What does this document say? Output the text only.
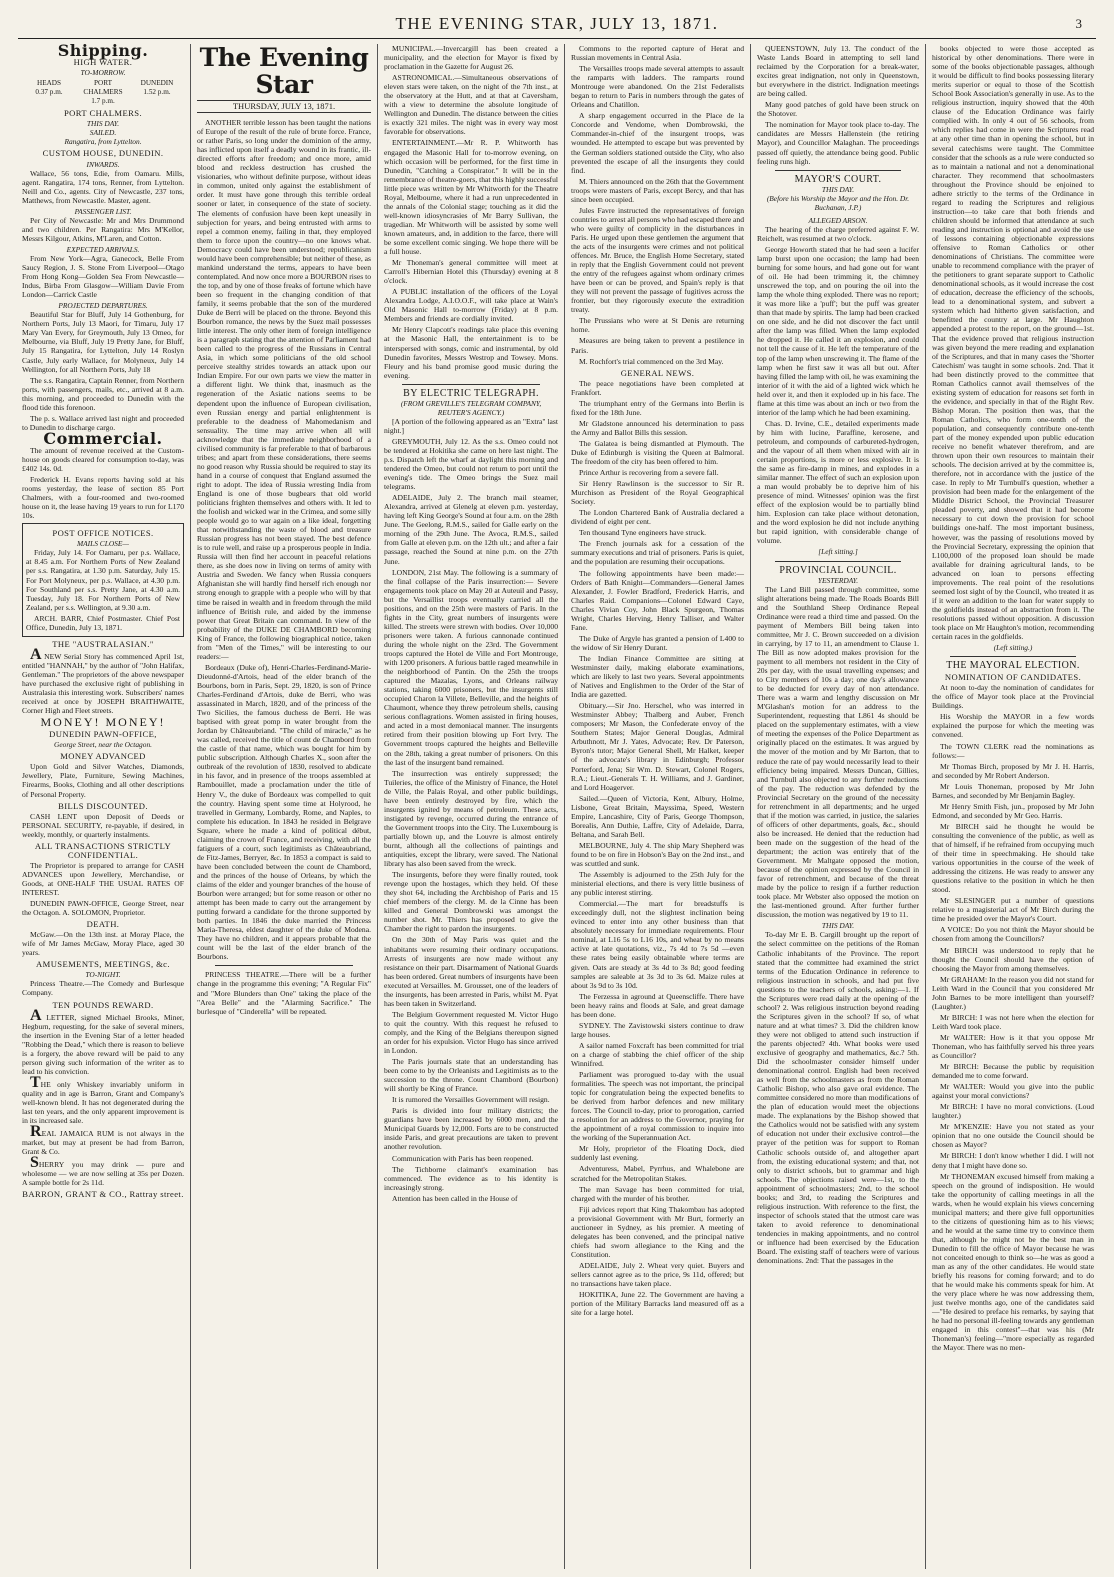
THE EVENING STAR, JULY 13, 1871.	3
Shipping.
HIGH WATER.
TO-MORROW.
HEADS
0.37 p.m.
PORT CHALMERS
1.7 p.m.
DUNEDIN
1.52 p.m.
PORT CHALMERS.
THIS DAY.
SAILED.
Rangatira, from Lyttelton.
CUSTOM HOUSE, DUNEDIN.
INWARDS.

Wallace, 56 tons, Edie, from Oamaru. Mills, agent. Rangatira, 174 tons, Renner, from Lyttelton. Neill and Co., agents. City of Newcastle, 237 tons, Matthews, from Newcastle. Master, agent.

PASSENGER LIST.

Per City of Newcastle: Mr and Mrs Drummond and two children. Per Rangatira: Mrs M'Kellor, Messrs Kilgour, Atkins, M'Laren, and Cotton.

EXPECTED ARRIVALS.

From New York—Agra, Ganecock, Belle From Saucy Region, J. S. Stone From Liverpool—Otago From Hong Kong—Golden Sea From Newcastle—Indus, Birba From Glasgow—William Davie From London—Carrick Castle

PROJECTED DEPARTURES.

Beautiful Star for Bluff, July 14 Gothenburg, for Northern Ports, July 13 Maori, for Timaru, July 17 Mary Van Every, for Greymouth, July 13 Omeo, for Melbourne, via Bluff, July 19 Pretty Jane, for Bluff, July 15 Rangatira, for Lyttelton, July 14 Roslyn Castle, July early Wallace, for Molyneux, July 14 Wellington, for all Northern Ports, July 18

The s.s. Rangatira, Captain Renner, from Northern ports, with passengers, mails, etc., arrived at 8 a.m. this morning, and proceeded to Dunedin with the flood tide this forenoon.

The p. s. Wallace arrived last night and proceeded to Dunedin to discharge cargo.

Commercial.

The amount of revenue received at the Custom-house on goods cleared for consumption to-day, was £402 14s. 0d.

Frederick H. Evans reports having sold at his rooms yesterday, the lease of section 85 Port Chalmers, with a four-roomed and two-roomed house on it, the lease having 19 years to run for L170 10s.

POST OFFICE NOTICES.
MAILS CLOSE—

Friday, July 14. For Oamaru, per p.s. Wallace, at 8.45 a.m. For Northern Ports of New Zealand per s.s. Rangatira, at 1.30 p.m. Saturday, July 15. For Port Molyneux, per p.s. Wallace, at 4.30 p.m. For Southland per s.s. Pretty Jane, at 4.30 a.m. Tuesday, July 18. For Northern Ports of New Zealand, per s.s. Wellington, at 9.30 a.m.

ARCH. BARR, Chief Postmaster. Chief Post Office, Dunedin, July 13, 1871.

THE "AUSTRALASIAN."

A NEW Serial Story has commenced April 1st, entitled "HANNAH," by the author of "John Halifax, Gentleman." The proprietors of the above newspaper have purchased the exclusive right of publishing in Australasia this interesting work. Subscribers' names received at once by JOSEPH BRAITHWAITE, Corner High and Fleet streets.

MONEY! MONEY!
DUNEDIN PAWN-OFFICE,
George Street, near the Octagon.
MONEY ADVANCED

Upon Gold and Silver Watches, Diamonds, Jewellery, Plate, Furniture, Sewing Machines, Firearms, Books, Clothing and all other descriptions of Personal Property.

BILLS DISCOUNTED.

CASH LENT upon Deposit of Deeds or PERSONAL SECURITY, re-payable, if desired, in weekly, monthly, or quarterly instalments.

ALL TRANSACTIONS STRICTLY CONFIDENTIAL.

The Proprietor is prepared to arrange for CASH ADVANCES upon Jewellery, Merchandise, or Goods, at ONE-HALF THE USUAL RATES OF INTEREST.

DUNEDIN PAWN-OFFICE, George Street, near the Octagon. A. SOLOMON, Proprietor.

DEATH.

McGaw.—On the 13th inst. at Moray Place, the wife of Mr James McGaw, Moray Place, aged 30 years.

AMUSEMENTS, MEETINGS, &c.
TO-NIGHT.

Princess Theatre.—The Comedy and Burlesque Company.

TEN POUNDS REWARD.

A LETTER, signed Michael Brooks, Miner, Hegburn, requesting, for the sake of several miners, the insertion in the Evening Star of a letter headed "Robbing the Dead," which there is reason to believe is a forgery, the above reward will be paid to any person giving such information of the writer as to lead to his conviction.

THE only Whiskey invariably uniform in quality and in age is Barron, Grant and Company's well-known blend. It has not degenerated during the last ten years, and the only apparent improvement is in its increased sale.

REAL JAMAICA RUM is not always in the market, but may at present be had from Barron, Grant & Co.

SHERRY you may drink — pure and wholesome — we are now selling at 35s per Dozen. A sample bottle for 2s 11d.

BARRON, GRANT & CO., Rattray street.
The Evening Star
THURSDAY, JULY 13, 1871.

ANOTHER terrible lesson has been taught the nations of Europe of the result of the rule of brute force. France, or rather Paris, so long under the dominion of the army, has inflicted upon itself a deadly wound in its frantic, ill-directed efforts after freedom; and once more, amid blood and reckless destruction has crushed the visionaries, who without definite purpose, without ideas in common, united only against the establishment of order. It must have gone through this terrible ordeal sooner or later, in consequence of the state of society. The elements of confusion have been kept uneasily in subjection for years, and being entrusted with arms to repel a common enemy, failing in that, they employed them to force upon the country—no one knows what. Democracy could have been understood; republicanism would have been comprehensible; but neither of these, as mankind understand the terms, appears to have been contemplated. And now once more a BOURBON rises to the top, and by one of those freaks of fortune which have been so frequent in the changing condition of that family, it seems probable that the son of the murdered Duke de Berri will be placed on the throne. Beyond this Bourbon romance, the news by the Suez mail possesses little interest. The only other item of foreign intelligence is a paragraph stating that the attention of Parliament had been called to the progress of the Russians in Central Asia, in which some politicians of the old school perceive stealthy strides towards an attack upon our Indian Empire. For our own parts we view the matter in a different light. We think that, inasmuch as the regeneration of the Asiatic nations seems to be dependent upon the influence of European civilisation, even Russian energy and partial enlightenment is preferable to the deadness of Mahomedanism and sensuality. The time may arrive when all will acknowledge that the immediate neighborhood of a civilised community is far preferable to that of barbarous tribes; and apart from these considerations, there seems no good reason why Russia should be required to stay its hand in a course of conquest that England assumed the right to adopt. The idea of Russia wresting India from England is one of those bugbears that old world politicians frighten themselves and others with. It led to the foolish and wicked war in the Crimea, and some silly people would go to war again on a like ideal, forgetting that notwithstanding the waste of blood and treasure Russian progress has not been stayed. The best defence is to rule well, and raise up a prosperous people in India. Russia will then find her account in peaceful relations there, as she does now in living on terms of amity with Austria and Sweden. We fancy when Russia conquers Afghanistan she will hardly find herself rich enough nor strong enough to grapple with a people who will by that time be raised in wealth and in freedom through the mild influence of British rule, and aided by the immense power that Great Britain can command. In view of the probability of the DUKE DE CHAMBORD becoming King of France, the following biographical notice, taken from "Men of the Times," will be interesting to our readers:—

Bordeaux (Duke of), Henri-Charles-Ferdinand-Marie-Dieudonné-d'Artois, head of the elder branch of the Bourbons, born in Paris, Sept. 29, 1820, is son of Prince Charles-Ferdinand d'Artois, duke de Berri, who was assassinated in March, 1820, and of the princess of the Two Sicilies, the famous duchess de Berri. He was baptised with great pomp in water brought from the Jordan by Châteaubriand. "The child of miracle," as he was called, received the title of count de Chambord from the castle of that name, which was bought for him by public subscription. Although Charles X., soon after the outbreak of the revolution of 1830, resolved to abdicate in his favor, and in presence of the troops assembled at Rambouillet, made a proclamation under the title of Henry V., the duke of Bordeaux was compelled to quit the country. Having spent some time at Holyrood, he travelled in Germany, Lombardy, Rome, and Naples, to complete his education. In 1843 he resided in Belgrave Square, where he made a kind of political début, claiming the crown of France, and receiving, with all the fatiguers of a court, such legitimists as Châteaubriand, de Fitz-James, Berryer, &c. In 1853 a compact is said to have been concluded between the count de Chambord, and the princes of the house of Orleans, by which the claims of the elder and younger branches of the house of Bourbon were arranged; but for some reason or other no attempt has been made to carry out the arrangement by putting forward a candidate for the throne supported by both parties. In 1846 the duke married the Princess Maria-Theresa, eldest daughter of the duke of Modena. They have no children, and it appears probable that the count will be the last of the elder branch of the Bourbons.

PRINCESS THEATRE.—There will be a further change in the programme this evening; "A Regular Fix" and "More Blunders than One" taking the place of the "Area Belle" and the "Alarming Sacrifice." The burlesque of "Cinderella" will be repeated.

MUNICIPAL.—Invercargill has been created a municipality, and the election for Mayor is fixed by proclamation in the Gazette for August 26.

ASTRONOMICAL.—Simultaneous observations of eleven stars were taken, on the night of the 7th inst., at the observatory at the Hutt, and at that at Caversham, with a view to determine the absolute longitude of Wellington and Dunedin. The distance between the cities is exactly 321 miles. The night was in every way most favorable for observations.

ENTERTAINMENT.—Mr R. P. Whitworth has engaged the Masonic Hall for to-morrow evening, on which occasion will be performed, for the first time in Dunedin, "Catching a Conspirator." It will be in the remembrance of theatre-goers, that this highly successful little piece was written by Mr Whitworth for the Theatre Royal, Melbourne, where it had a run unprecedented in the annals of the Colonial stage; touching as it did the well-known idiosyncrasies of Mr Barry Sullivan, the tragedian. Mr Whitworth will be assisted by some well known amateurs, and, in addition to the farce, there will be some excellent comic singing. We hope there will be a full house.

Mr Thoneman's general committee will meet at Carroll's Hibernian Hotel this (Thursday) evening at 8 o'clock.

A PUBLIC installation of the officers of the Loyal Alexandra Lodge, A.I.O.O.F., will take place at Wain's Old Masonic Hall to-morrow (Friday) at 8 p.m. Members and friends are cordially invited.

Mr Henry Clapcott's readings take place this evening at the Masonic Hall, the entertainment is to be interspersed with songs, comic and instrumental, by old Dunedin favorites, Messrs Westrop and Towsey. Mons. Fleury and his band promise good music during the evening.

BY ELECTRIC TELEGRAPH.
(FROM GREVILLE'S TELEGRAM COMPANY, REUTER'S AGENCY.)

[A portion of the following appeared as an "Extra" last night.]

GREYMOUTH, July 12. As the s.s. Omeo could not be tendered at Hokitika she came on here last night. The p.s. Dispatch left the wharf at daylight this morning and tendered the Omeo, but could not return to port until the evening's tide. The Omeo brings the Suez mail telegrams.

ADELAIDE, July 2. The branch mail steamer, Alexandra, arrived at Glenelg at eleven p.m. yesterday, having left King George's Sound at four a.m. on the 28th June. The Geelong, R.M.S., sailed for Galle early on the morning of the 29th June. The Avoca, R.M.S., sailed from Galle at eleven p.m. on the 12th ult.; and after a fair passage, reached the Sound at nine p.m. on the 27th June.

LONDON, 21st May. The following is a summary of the final collapse of the Paris insurrection:— Severe engagements took place on May 20 at Auteuil and Passy, but the Versaillist troops eventually carried all the positions, and on the 25th were masters of Paris. In the fights in the City, great numbers of insurgents were killed. The streets were strewn with bodies. Over 10,000 prisoners were taken. A furious cannonade continued during the whole night on the 23rd. The Government troops captured the Hotel de Ville and Fort Montrouge, with 1200 prisoners. A furious battle raged meanwhile in the neighborhood of Pantin. On the 25th the troops captured the Mazalas, Lyons, and Orleans railway stations, taking 6000 prisoners, but the insurgents still occupied Charon la Villete, Belleville, and the heights of Chaumont, whence they threw petroleum shells, causing serious conflagrations. Women assisted in firing houses, and acted in a most demoniacal manner. The insurgents retired from their position blowing up Fort Ivry. The Government troops captured the heights and Belleville on the 28th, taking a great number of prisoners. On this the last of the insurgent band remained.

The insurrection was entirely suppressed; the Tuileries, the office of the Ministry of Finance, the Hotel de Ville, the Palais Royal, and other public buildings, have been entirely destroyed by fire, which the insurgents ignited by means of petroleum. These acts, instigated by revenge, occurred during the entrance of the Government troops into the City. The Luxembourg is partially blown up, and the Louvre is almost entirely burnt, although all the collections of paintings and antiquities, except the library, were saved. The National library has also been saved from the wreck.

The insurgents, before they were finally routed, took revenge upon the hostages, which they held. Of these they shot 64, including the Archbishop of Paris and 15 chief members of the clergy. M. de la Cinne has been killed and General Dombrowski was amongst the number shot. Mr. Thiers has proposed to give the Chamber the right to pardon the insurgents.

On the 30th of May Paris was quiet and the inhabitants were resuming their ordinary occupations. Arrests of insurgents are now made without any resistance on their part. Disarmament of National Guards has been ordered. Great numbers of insurgents have been executed at Versailles. M. Grousset, one of the leaders of the insurgents, has been arrested in Paris, whilst M. Pyat has been taken in Switzerland.

The Belgium Government requested M. Victor Hugo to quit the country. With this request he refused to comply, and the King of the Belgians thereupon signed an order for his expulsion. Victor Hugo has since arrived in London.

The Paris journals state that an understanding has been come to by the Orleanists and Legitimists as to the succession to the throne. Count Chambord (Bourbon) will shortly be King of France.

It is rumored the Versailles Government will resign.

Paris is divided into four military districts; the guardians have been increased by 6000 men, and the Municipal Guards by 12,000. Forts are to be constructed inside Paris, and great precautions are taken to prevent another revolution.

Communication with Paris has been reopened.

The Tichborne claimant's examination has commenced. The evidence as to his identity is increasingly strong.

Attention has been called in the House of

Commons to the reported capture of Herat and Russian movements in Central Asia.

The Versailles troops made several attempts to assault the ramparts with ladders. The ramparts round Montrouge were abandoned. On the 21st Federalists began to return to Paris in numbers through the gates of Orleans and Chatillon.

A sharp engagement occurred in the Place de la Concorde and Vendome, when Dombrowski, the Commander-in-chief of the insurgent troops, was wounded. He attempted to escape but was prevented by the German soldiers stationed outside the City, who also prevented the escape of all the insurgents they could find.

M. Thiers announced on the 26th that the Government troops were masters of Paris, except Bercy, and that has since been occupied.

Jules Favre instructed the representatives of foreign countries to arrest all persons who had escaped there and who were guilty of complicity in the disturbances in Paris. He urged upon these gentlemen the argument that the acts of the insurgents were crimes and not political offences. Mr. Bruce, the English Home Secretary, stated in reply that the English Government could not prevent the entry of the refugees against whom ordinary crimes have been or can be proved, and Spain's reply is that they will not prevent the passage of fugitives across the frontier, but they rigorously execute the extradition treaty.

The Prussians who were at St Denis are returning home.

Measures are being taken to prevent a pestilence in Paris.

M. Rochfort's trial commenced on the 3rd May.

GENERAL NEWS.

The peace negotiations have been completed at Frankfort.

The triumphant entry of the Germans into Berlin is fixed for the 18th June.

Mr Gladstone announced his determination to pass the Army and Ballot Bills this session.

The Galatea is being dismantled at Plymouth. The Duke of Edinburgh is visiting the Queen at Balmoral. The freedom of the city has been offered to him.

Prince Arthur is recovering from a severe fall.

Sir Henry Rawlinson is the successor to Sir R. Murchison as President of the Royal Geographical Society.

The London Chartered Bank of Australia declared a dividend of eight per cent.

Ten thousand Tyne engineers have struck.

The French journals ask for a cessation of the summary executions and trial of prisoners. Paris is quiet, and the population are resuming their occupations.

The following appointments have been made:—Orders of Bath Knight—Commanders—General James Alexander, J. Fowler Bradford, Frederick Harris, and Charles Raid. Companions—Colonel Edward Caye, Charles Vivian Coy, John Black Spurgeon, Thomas Wright, Charles Herving, Henry Talliser, and Walter Fane.

The Duke of Argyle has granted a pension of L400 to the widow of Sir Henry Durant.

The Indian Finance Committee are sitting at Westminster daily, making elaborate examinations, which are likely to last two years. Several appointments of Natives and Englishmen to the Order of the Star of India are gazetted.

Obituary.—Sir Jno. Herschel, who was interred in Westminster Abbey; Thalberg and Auber, French composers; Mr Mason, the Confederate envoy of the Southern States; Major General Douglas, Admiral Arbuthnott, Mr J. Yates, Advocate; Rev. Dr Paterson, Byron's tutor; Major General Shell, Mr Halket, keeper of the advocate's library in Edinburgh; Professor Porterford, Jena; Sir Wm. D. Stewart, Colonel Rogers, R.A.; Lieut.-Generals T. H. Williams, and J. Gardiner, and Lord Hoagerver.

Sailed.—Queen of Victoria, Kent, Albury, Holme, Lisbone, Great Britain, Mayssima, Speed, Western Empire, Lancashire, City of Paris, George Thompson, Borealis, Ann Duthie, Laffre, City of Adelaide, Darra, Beltana, and Sarah Bell.

MELBOURNE, July 4. The ship Mary Shepherd was found to be on fire in Hobson's Bay on the 2nd inst., and was scuttled and sunk.

The Assembly is adjourned to the 25th July for the ministerial elections, and there is very little business of any public interest stirring.

Commercial.—The mart for breadstuffs is exceedingly dull, not the slightest inclination being evinced to enter into any other business than that absolutely necessary for immediate requirements. Flour nominal, at L16 5s to L16 10s, and wheat by no means active at late quotations, viz., 7s 4d to 7s 5d —even these rates being easily obtainable where terms are given. Oats are steady at 3s 4d to 3s 8d; good feeding samples are saleable at 3s 3d to 3s 6d. Maize rules at about 3s 9d to 3s 10d.

The Ferzessa in aground at Queenscliffe. There have been heavy rains and floods at Sale, and great damage has been done.

SYDNEY. The Zavistowski sisters continue to draw large houses.

A sailor named Foxcraft has been committed for trial on a charge of stabbing the chief officer of the ship Winnifred.

Parliament was prorogued to-day with the usual formalities. The speech was not important, the principal topic for congratulation being the expected benefits to be derived from harbor defences and new military forces. The Council to-day, prior to prorogation, carried a resolution for an address to the Governor, praying for the appointment of a royal commission to inquire into the working of the Superannuation Act.

Mr Holy, proprietor of the Floating Dock, died suddenly last evening.

Adventuress, Mabel, Pyrrhus, and Whalebone are scratched for the Metropolitan Stakes.

The man Savage has been committed for trial, charged with the murder of his brother.

Fiji advices report that King Thakombau has adopted a provisional Government with Mr Burt, formerly an auctioneer in Sydney, as his premier. A meeting of delegates has been convened, and the principal native chiefs had sworn allegiance to the King and the Constitution.

ADELAIDE, July 2. Wheat very quiet. Buyers and sellers cannot agree as to the price, 9s 11d, offered; but no transactions have taken place.

HOKITIKA, June 22. The Government are having a portion of the Military Barracks land measured off as a site for a large hotel.

QUEENSTOWN, July 13. The conduct of the Waste Lands Board in attempting to sell land reclaimed by the Corporation for a break-water, excites great indignation, not only in Queenstown, but everywhere in the district. Indignation meetings are being called.

Many good patches of gold have been struck on the Shotover.

The nomination for Mayor took place to-day. The candidates are Messrs Hallenstein (the retiring Mayor), and Councillor Malaghan. The proceedings passed off quietly, the attendance being good. Public feeling runs high.

MAYOR'S COURT.
THIS DAY.
(Before his Worship the Mayor and the Hon. Dr. Buchanan, J.P.)
ALLEGED ARSON.

The hearing of the charge preferred against F. W. Reichelt, was resumed at two o'clock.

George Howorth stated that he had seen a lucifer lamp burst upon one occasion; the lamp had been burning for some hours, and had gone out for want of oil. He had been trimming it, the chimney unscrewed the top, and on pouring the oil into the lamp the whole thing exploded. There was no report; it was more like a 'puff'; but the puff was greater than that made by spirits. The lamp had been cracked on one side, and he did not discover the fact until after the lamp was filled. When the lamp exploded he dropped it. He called it an explosion, and could not tell the cause of it. He left the temperature of the top of the lamp when unscrewing it. The flame of the lamp when he first saw it was all but out. After having filled the lamp with oil, he was examining the interior of it with the aid of a lighted wick which he held over it, and then it exploded up in his face. The flame at this time was about an inch or two from the interior of the lamp which he had been examining.

Chas. D. Irvine, C.E., detailed experiments made by him with lucine, Paraffine, kerosene, and petroleum, and compounds of carbureted-hydrogen, and the vapour of all them when mixed with air in certain proportions, is more or less explosive. It is the same as fire-damp in mines, and explodes in a similar manner. The effect of such an explosion upon a man would probably be to deprive him of his presence of mind. Witnesses' opinion was the first effect of the explosion would be to partially blind him. Explosion can take place without detonation, and the word explosion he did not include anything but rapid ignition, with considerable change of volume.

[Left sitting.]
PROVINCIAL COUNCIL.
YESTERDAY.

The Land Bill passed through committee, some slight alterations being made. The Roads Boards Bill and the Southland Sheep Ordinance Repeal Ordinance were read a third time and passed. On the payment of Members Bill being taken into committee, Mr J. C. Brown succeeded on a division in carrying, by 17 to 11, an amendment to Clause 1. The Bill as now adopted makes provision for the payment to all members not resident in the City of 20s per day, with the usual travelling expenses; and to City members of 10s a day; one day's allowance to be deducted for every day of non attendance. There was a warm and lengthy discussion on Mr M'Glashan's motion for an address to the Superintendent, requesting that L861 4s should be placed on the supplementary estimates, with a view of meeting the expenses of the Police Department as originally placed on the estimates. It was argued by the mover of the motion and by Mr Barton, that to reduce the rate of pay would necessarily lead to their efficiency being impaired. Messrs Duncan, Gillies, and Turnbull also objected to any further reductions of the pay. The reduction was defended by the Provincial Secretary on the ground of the necessity for retrenchment in all departments; and he urged that if the motion was carried, in justice, the salaries of officers of other departments, goals, &c., should also be increased. He denied that the reduction had been made on the suggestion of the head of the department; the action was entirely that of the Government. Mr Maltgate opposed the motion, because of the opinion expressed by the Council in favor of retrenchment, and because of the threat made by the police to resign if a further reduction took place. Mr Webster also opposed the motion on the last-mentioned ground. After further further discussion, the motion was negatived by 19 to 11.

THIS DAY.

To-day Mr E. B. Cargill brought up the report of the select committee on the petitions of the Roman Catholic inhabitants of the Province. The report stated that the committee had examined the strict terms of the Education Ordinance in reference to religious instruction in schools, and had put five questions to the teachers of schools, asking:—1. If the Scriptures were read daily at the opening of the school? 2. Was religious instruction beyond reading the Scriptures given in the school? If so, of what nature and at what times? 3. Did the children know they were not obliged to attend such instruction if the parents objected? 4th. What books were used exclusive of geography and mathematics, &c.? 5th. Did the schoolmaster consider himself under denominational control. English had been received as well from the schoolmasters as from the Roman Catholic Bishop, who also gave oral evidence. The committee considered no more than modifications of the plan of education would meet the objections made. The explanations by the Bishop showed that the Catholics would not be satisfied with any system of education not under their exclusive control—the prayer of the petition was for support to Roman Catholic schools outside of, and altogether apart from, the existing educational system; and that, not only to district schools, but to grammar and high schools. The objections raised were—1st, to the appointment of schoolmasters; 2nd, to the school books; and 3rd, to reading the Scriptures and religious instruction. With reference to the first, the inspector of schools stated that the utmost care was taken to avoid reference to denominational tendencies in making appointments, and no control or influence had been exercised by the Education Board. The existing staff of teachers were of various denominations. 2nd: That the passages in the

books objected to were those accepted as historical by other denominations. There were in some of the books objectionable passages, although it would be difficult to find books possessing literary merits superior or equal to those of the Scottish School Book Association's generally in use. As to the religious instruction, inquiry showed that the 40th clause of the Education Ordinance was fairly complied with. In only 4 out of 56 schools, from which replies had come in were the Scriptures read at any other time than in opening the school, but in several catechisms were taught. The Committee consider that the schools as a rule were conducted so as to maintain a national and not a denominational character. They recommend that schoolmasters throughout the Province should be enjoined to adhere strictly to the terms of the Ordinance in regard to reading the Scriptures and religious instruction—to take care that both friends and children should be informed that attendance at such reading and instruction is optional and avoid the use of lessons containing objectionable expressions offensive to Roman Catholics or other denominations of Christians. The committee were unable to recommend compliance with the prayer of the petitioners to grant separate support to Catholic denominational schools, as it would increase the cost of education, decrease the efficiency of the schools, lead to a denominational system, and subvert a system which had hitherto given satisfaction, and benefitted the country at large. Mr Haughton appended a protest to the report, on the ground—1st. That the evidence proved that religious instruction was given beyond the mere reading and explanation of the Scriptures, and that in many cases the 'Shorter Catechism' was taught in some schools. 2nd. That it had been distinctly proved to the committee that Roman Catholics cannot avail themselves of the existing system of education for reasons set forth in the evidence, and specially in that of the Right Rev. Bishop Moran. The position then was, that the Roman Catholics, who form one-tenth of the population, and consequently contribute one-tenth part of the money expended upon public education receive no benefit whatever therefrom, and are thrown upon their own resources to maintain their schools. The decision arrived at by the committee is, therefore, not in accordance with the justice of the case. In reply to Mr Turnbull's question, whether a provision had been made for the enlargement of the Middle District School, the Provincial Treasurer pleaded poverty, and showed that it had become necessary to cut down the provision for school buildings one-half. The most important business, however, was the passing of resolutions moved by the Provincial Secretary, expressing the opinion that L100,000 of the proposed loan should be made available for draining agricultural lands, to be advanced on loan to persons effecting improvements. The real point of the resolutions seemed lost sight of by the Council, who treated it as if it were an addition to the loan for water supply to the goldfields instead of an abstraction from it. The resolutions passed without opposition. A discussion took place on Mr Haughton's motion, recommending certain races in the goldfields.

(Left sitting.)
THE MAYORAL ELECTION.
NOMINATION OF CANDIDATES.

At noon to-day the nomination of candidates for the office of Mayor took place at the Provincial Buildings.

His Worship the MAYOR in a few words explained the purpose for which the meeting was convened.

The TOWN CLERK read the nominations as follows:—

Mr Thomas Birch, proposed by Mr J. H. Harris, and seconded by Mr Robert Anderson.

Mr Louis Thoneman, proposed by Mr John Barnes, and seconded by Mr Benjamin Bagley.

Mr Henry Smith Fish, jun., proposed by Mr John Edmond, and seconded by Mr Geo. Harris.

Mr BIRCH said he thought he would be consulting the convenience of the public, as well as that of himself, if he refrained from occupying much of their time in speechmaking. He should take various opportunities in the course of the week of addressing the citizens. He was ready to answer any questions relative to the position in which he then stood.

Mr SLESINGER put a number of questions relative to a magisterial act of Mr Birch during the time he presided over the Mayor's Court.

A VOICE: Do you not think the Mayor should be chosen from among the Councillors?

Mr BIRCH was understood to reply that he thought the Council should have the option of choosing the Mayor from among themselves.

Mr GRAHAM: In the reason you did not stand for Leith Ward in the Council that you considered Mr John Barnes to be more intelligent than yourself? (Laughter.)

Mr BIRCH: I was not here when the election for Leith Ward took place.

Mr WALTER: How is it that you oppose Mr Thoneman, who has faithfully served his three years as Councillor?

Mr BIRCH: Because the public by requisition demanded me to come forward.

Mr WALTER: Would you give into the public against your moral convictions?

Mr BIRCH: I have no moral convictions. (Loud laughter.)

Mr M'KENZIE: Have you not stated as your opinion that no one outside the Council should be chosen as Mayor?

Mr BIRCH: I don't know whether I did. I will not deny that I might have done so.

Mr THONEMAN excused himself from making a speech on the ground of indisposition. He would take the opportunity of calling meetings in all the wards, when he would explain his views concerning municipal matters; and there give full opportunities to the citizens of questioning him as to his views; and he would at the same time try to convince them that, although he might not be the best man in Dunedin to fill the office of Mayor because he was not conceited enough to think so—he was as good a man as any of the other candidates. He would state briefly his reasons for coming forward; and to do that he would make his comments speak for him. At the very place where he was now addressing them, just twelve months ago, one of the candidates said—"He desired to preface his remarks, by saying that he had no personal ill-feeling towards any gentleman engaged in this contest"—that was his (Mr Thoneman's) feeling—"more especially as regarded the Mayor. There was no men-
